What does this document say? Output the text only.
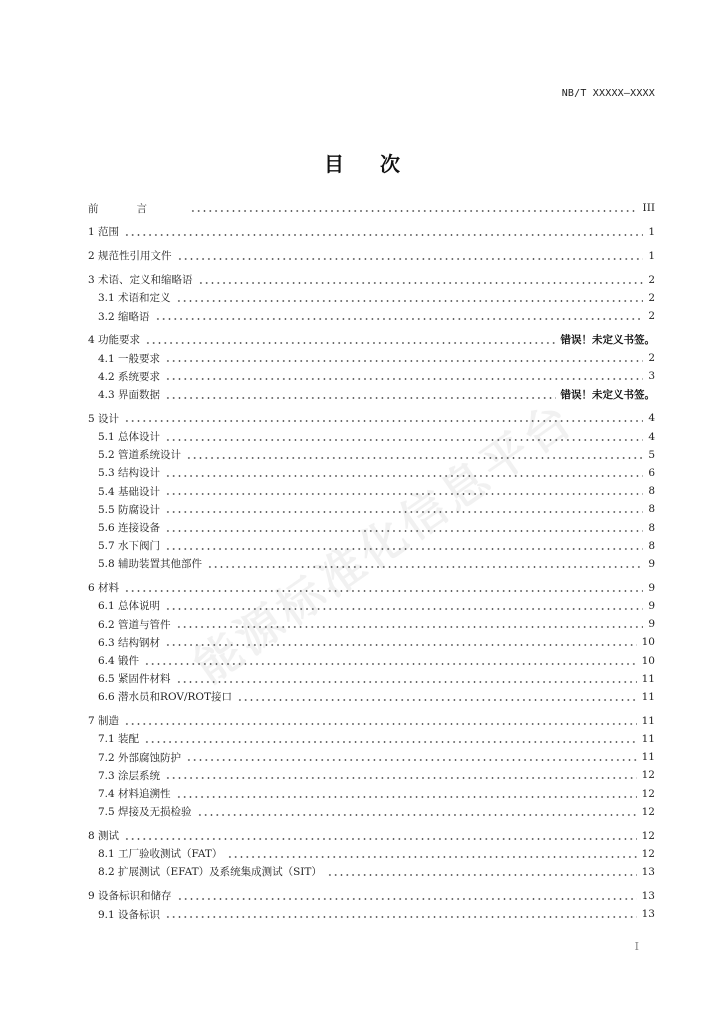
NB/T XXXXX—XXXX
目 次
能源标准化信息平台
前言	III
1 范围	1
2 规范性引用文件	1
3 术语、定义和缩略语	2
3.1 术语和定义	2
3.2 缩略语	2
4 功能要求	错误！未定义书签。
4.1 一般要求	2
4.2 系统要求	3
4.3 界面数据	错误！未定义书签。
5 设计	4
5.1 总体设计	4
5.2 管道系统设计	5
5.3 结构设计	6
5.4 基础设计	8
5.5 防腐设计	8
5.6 连接设备	8
5.7 水下阀门	8
5.8 辅助装置其他部件	9
6 材料	9
6.1 总体说明	9
6.2 管道与管件	9
6.3 结构钢材	10
6.4 锻件	10
6.5 紧固件材料	11
6.6 潜水员和ROV/ROT接口	11
7 制造	11
7.1 装配	11
7.2 外部腐蚀防护	11
7.3 涂层系统	12
7.4 材料追溯性	12
7.5 焊接及无损检验	12
8 测试	12
8.1 工厂验收测试（FAT）	12
8.2 扩展测试（EFAT）及系统集成测试（SIT）	13
9 设备标识和储存	13
9.1 设备标识	13
I
